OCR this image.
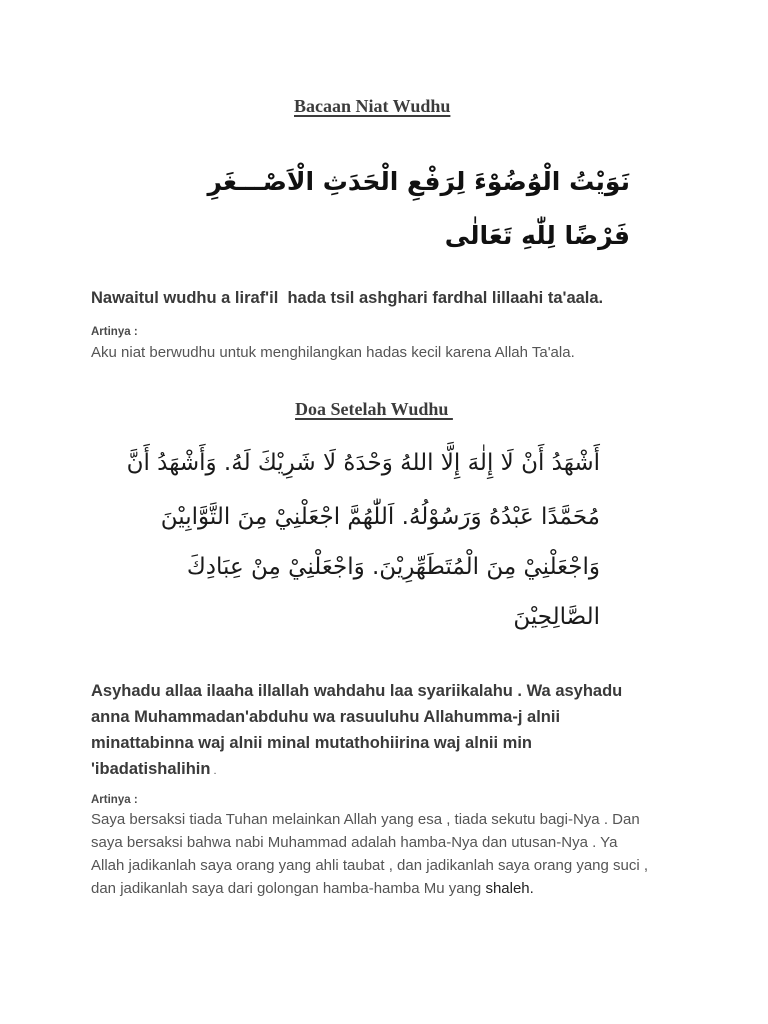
Bacaan Niat Wudhu
نَوَيْتُ الْوُضُوْءَ لِرَفْعِ الْحَدَثِ الْاَصْـــغَرِ
فَرْضًا لِلّٰهِ تَعَالٰى
Nawaitul wudhu a liraf'il  hada tsil ashghari fardhal lillaahi ta'aala.
Artinya :
Aku niat berwudhu untuk menghilangkan hadas kecil karena Allah Ta'ala.
Doa Setelah Wudhu
أَشْهَدُ أَنْ لَا إِلٰهَ إِلَّا اللهُ وَحْدَهُ لَا شَرِيْكَ لَهُ. وَأَشْهَدُ أَنَّ
مُحَمَّدًا عَبْدُهُ وَرَسُوْلُهُ. اَللّٰهُمَّ اجْعَلْنِيْ مِنَ التَّوَّابِيْنَ
وَاجْعَلْنِيْ مِنَ الْمُتَطَهِّرِيْنَ. وَاجْعَلْنِيْ مِنْ عِبَادِكَ
الصَّالِحِيْنَ
Asyhadu allaa ilaaha illallah wahdahu laa syariikalahu . Wa asyhadu
anna Muhammadan'abduhu wa rasuuluhu Allahumma-j alnii
minattabinna waj alnii minal mutathohiirina waj alnii min
'ibadatishalihin .
Artinya :
Saya bersaksi tiada Tuhan melainkan Allah yang esa , tiada sekutu bagi-Nya . Dan
saya bersaksi bahwa nabi Muhammad adalah hamba-Nya dan utusan-Nya . Ya
Allah jadikanlah saya orang yang ahli taubat , dan jadikanlah saya orang yang suci ,
dan jadikanlah saya dari golongan hamba-hamba Mu yang shaleh.
